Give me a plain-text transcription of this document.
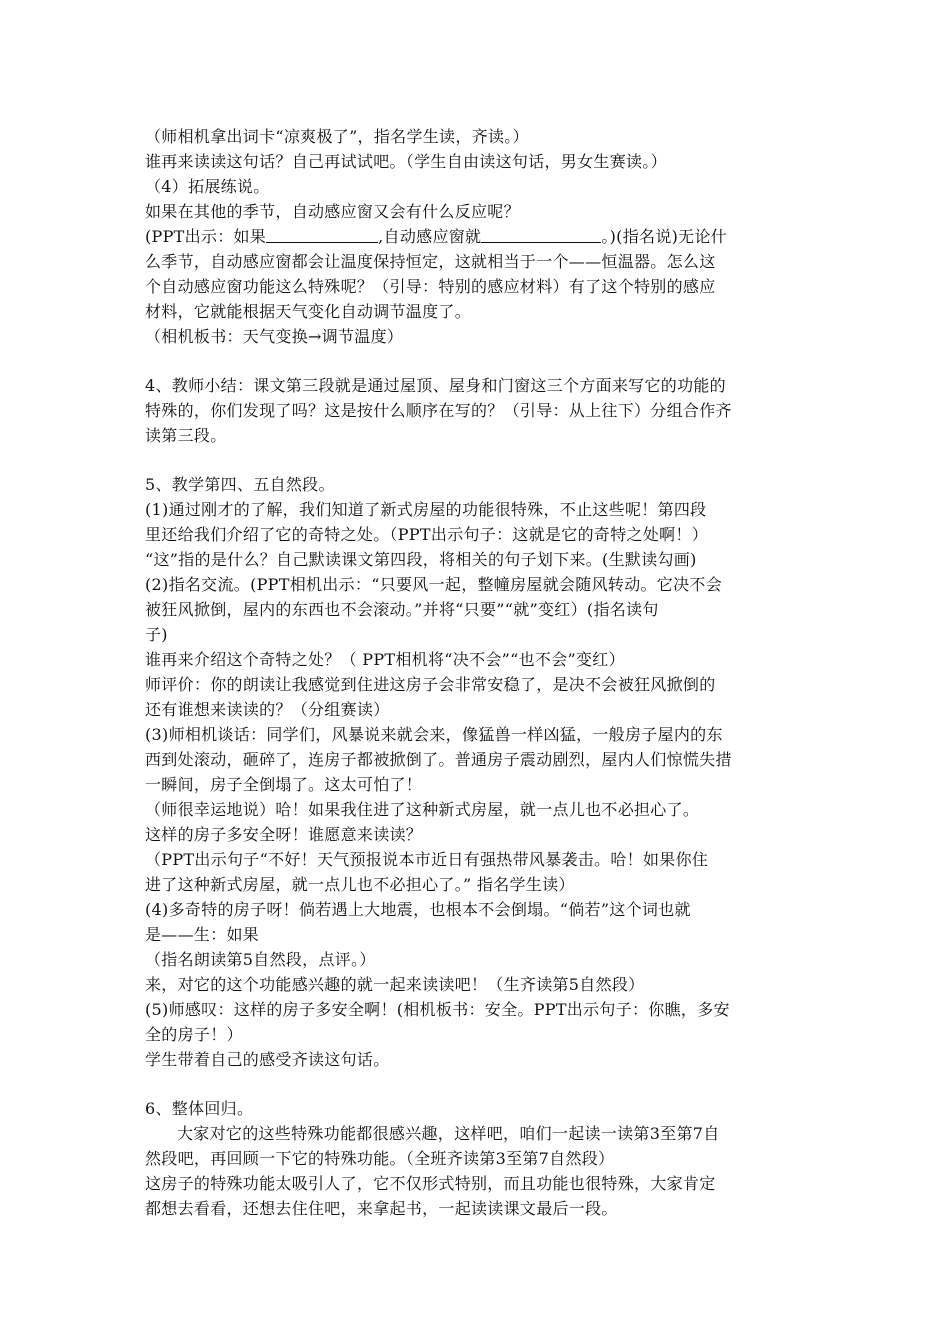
（师相机拿出词卡“凉爽极了”，指名学生读，齐读。）
谁再来读读这句话？自己再试试吧。（学生自由读这句话，男女生赛读。）
（4）拓展练说。
如果在其他的季节，自动感应窗又会有什么反应呢？
(PPT出示：如果	,自动感应窗就	。)(指名说)无论什
么季节，自动感应窗都会让温度保持恒定，这就相当于一个——恒温器。怎么这
个自动感应窗功能这么特殊呢？（引导：特别的感应材料）有了这个特别的感应
材料，它就能根据天气变化自动调节温度了。
（相机板书：天气变换→调节温度）
4、教师小结：课文第三段就是通过屋顶、屋身和门窗这三个方面来写它的功能的
特殊的，你们发现了吗？这是按什么顺序在写的？（引导：从上往下）分组合作齐
读第三段。
5、教学第四、五自然段。
(1)通过刚才的了解，我们知道了新式房屋的功能很特殊，不止这些呢！第四段
里还给我们介绍了它的奇特之处。（PPT出示句子：这就是它的奇特之处啊！）
“这”指的是什么？自己默读课文第四段，将相关的句子划下来。(生默读勾画)
(2)指名交流。(PPT相机出示：“只要风一起，整幢房屋就会随风转动。它决不会
被狂风掀倒，屋内的东西也不会滚动。”并将“只要”“就”变红）(指名读句
子)
谁再来介绍这个奇特之处？（ PPT相机将“决不会”“也不会”变红）
师评价：你的朗读让我感觉到住进这房子会非常安稳了，是决不会被狂风掀倒的
还有谁想来读读的？（分组赛读）
(3)师相机谈话：同学们，风暴说来就会来，像猛兽一样凶猛，一般房子屋内的东
西到处滚动，砸碎了，连房子都被掀倒了。普通房子震动剧烈，屋内人们惊慌失措
一瞬间，房子全倒塌了。这太可怕了！
（师很幸运地说）哈！如果我住进了这种新式房屋，就一点儿也不必担心了。
这样的房子多安全呀！谁愿意来读读？
（PPT出示句子“不好！天气预报说本市近日有强热带风暴袭击。哈！如果你住
进了这种新式房屋，就一点儿也不必担心了。” 指名学生读）
(4)多奇特的房子呀！倘若遇上大地震，也根本不会倒塌。“倘若”这个词也就
是——生：如果
（指名朗读第5自然段，点评。）
来，对它的这个功能感兴趣的就一起来读读吧！（生齐读第5自然段）
(5)师感叹：这样的房子多安全啊！(相机板书：安全。PPT出示句子：你瞧，多安
全的房子！）
学生带着自己的感受齐读这句话。
6、整体回归。
大家对它的这些特殊功能都很感兴趣，这样吧，咱们一起读一读第3至第7自
然段吧，再回顾一下它的特殊功能。（全班齐读第3至第7自然段）
这房子的特殊功能太吸引人了，它不仅形式特别，而且功能也很特殊，大家肯定
都想去看看，还想去住住吧，来拿起书，一起读读课文最后一段。
